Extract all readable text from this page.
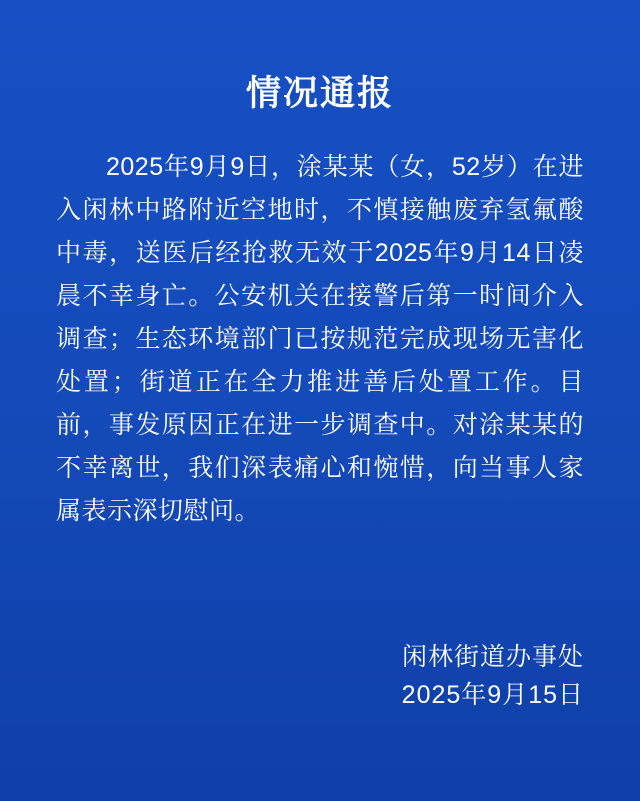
情况通报
2025年9月9日，涂某某（女，52岁）在进入闲林中路附近空地时，不慎接触废弃氢氟酸中毒，送医后经抢救无效于2025年9月14日凌晨不幸身亡。公安机关在接警后第一时间介入调查；生态环境部门已按规范完成现场无害化处置；街道正在全力推进善后处置工作。目前，事发原因正在进一步调查中。对涂某某的不幸离世，我们深表痛心和惋惜，向当事人家属表示深切慰问。
闲林街道办事处
2025年9月15日
